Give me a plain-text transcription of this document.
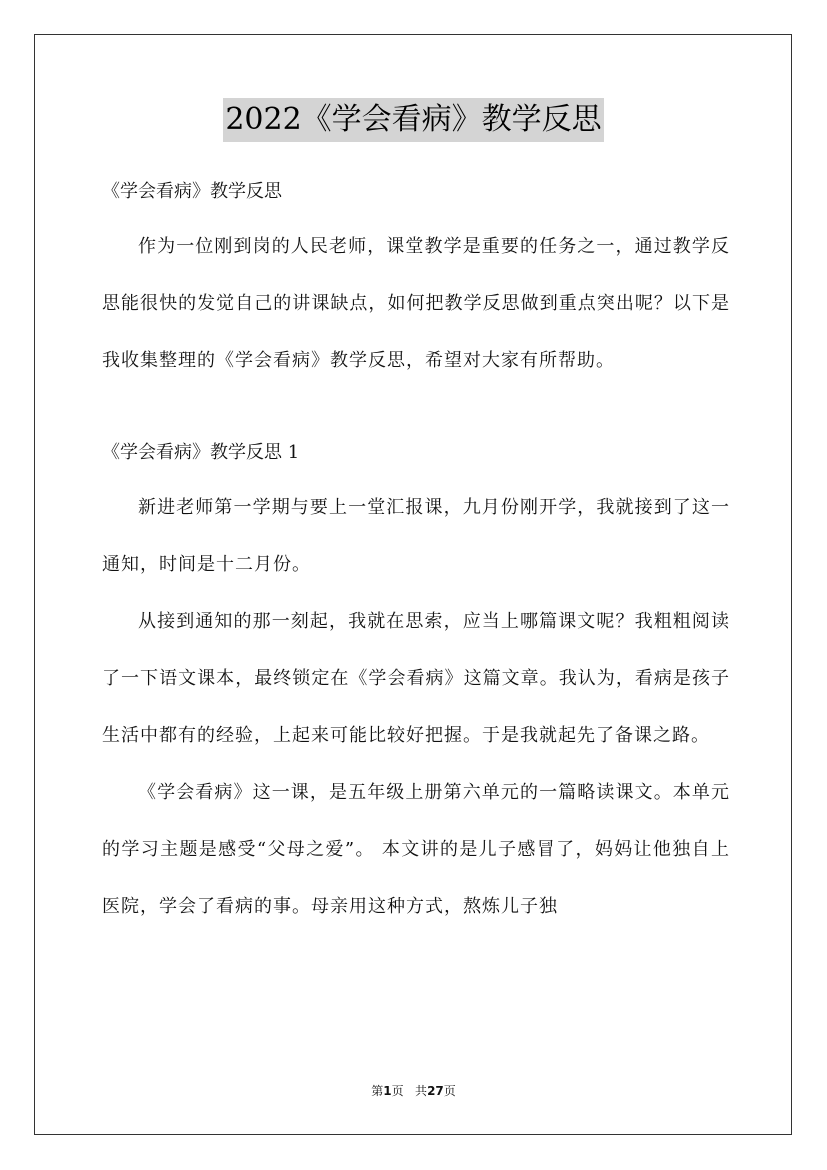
2022《学会看病》教学反思

《学会看病》教学反思

作为一位刚到岗的人民老师，课堂教学是重要的任务之一，通过教学反思能很快的发觉自己的讲课缺点，如何把教学反思做到重点突出呢？以下是我收集整理的《学会看病》教学反思，希望对大家有所帮助。

《学会看病》教学反思 1

新进老师第一学期与要上一堂汇报课，九月份刚开学，我就接到了这一通知，时间是十二月份。

从接到通知的那一刻起，我就在思索，应当上哪篇课文呢？我粗粗阅读了一下语文课本，最终锁定在《学会看病》这篇文章。我认为，看病是孩子生活中都有的经验，上起来可能比较好把握。于是我就起先了备课之路。

《学会看病》这一课，是五年级上册第六单元的一篇略读课文。本单元的学习主题是感受“父母之爱”。 本文讲的是儿子感冒了，妈妈让他独自上医院，学会了看病的事。母亲用这种方式，熬炼儿子独

第1页 共27页
